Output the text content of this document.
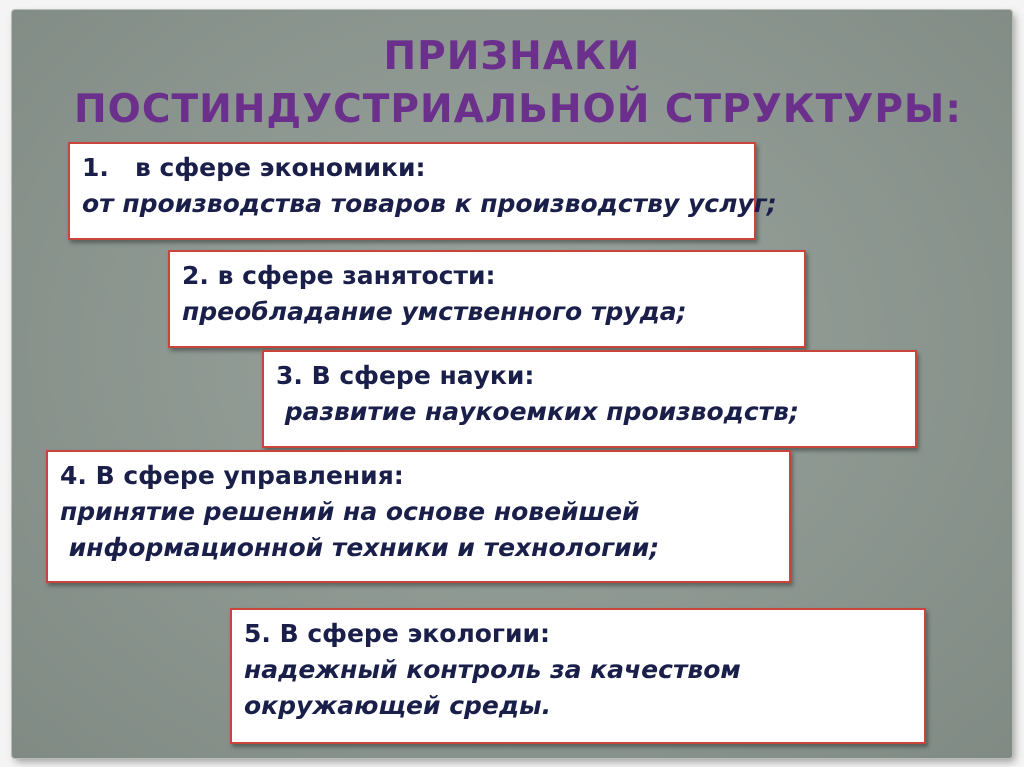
ПРИЗНАКИ
ПОСТИНДУСТРИАЛЬНОЙ СТРУКТУРЫ:
1.   в сфере экономики:
от производства товаров к производству услуг;
2. в сфере занятости:
преобладание умственного труда;
3. В сфере науки:
развитие наукоемких производств;
4. В сфере управления:
принятие решений на основе новейшей
информационной техники и технологии;
5. В сфере экологии:
надежный контроль за качеством
окружающей среды.
